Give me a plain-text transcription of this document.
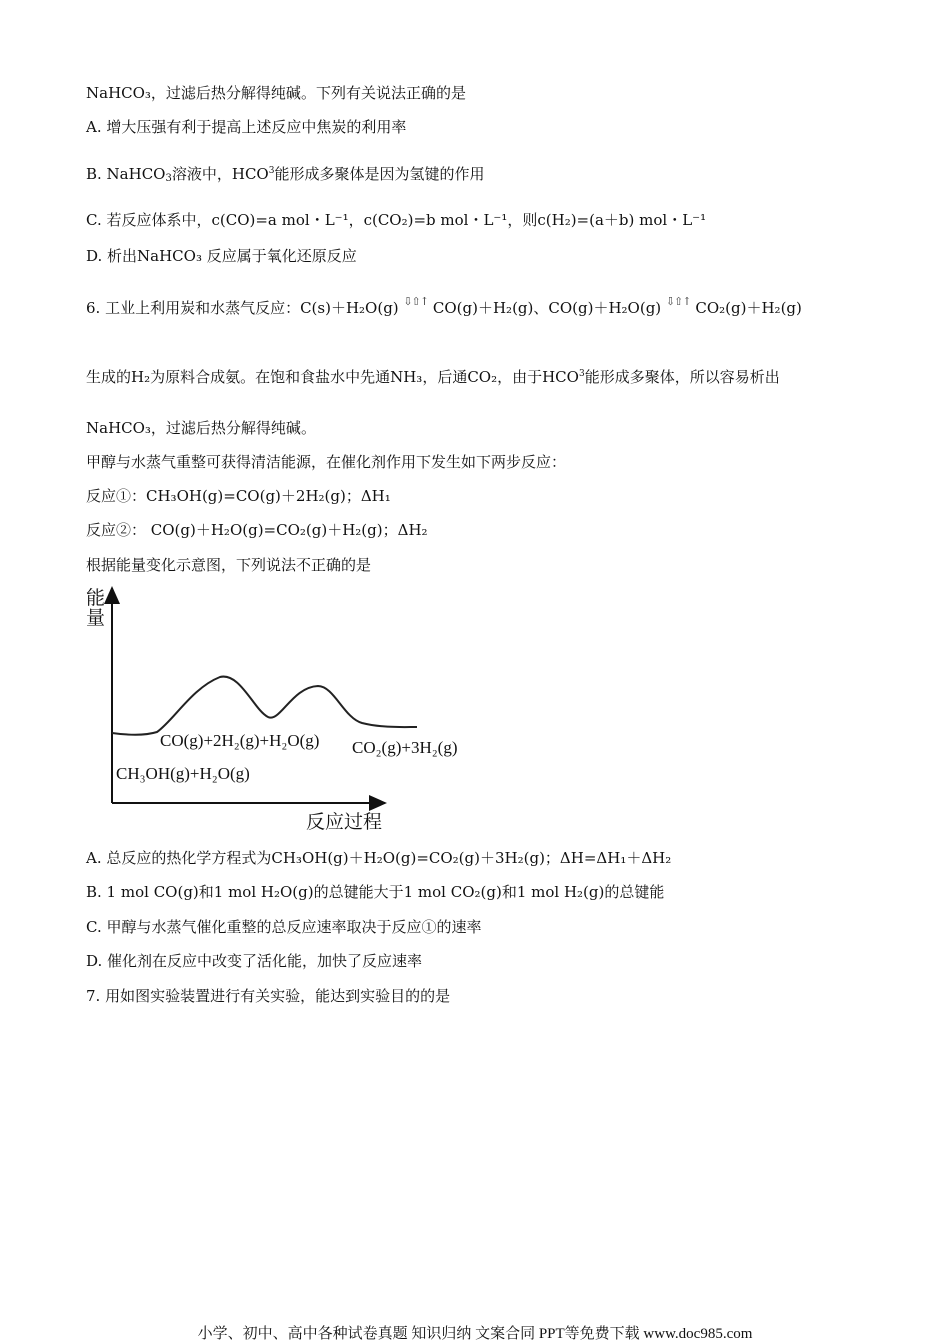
NaHCO₃，过滤后热分解得纯碱。下列有关说法正确的是
A. 增大压强有利于提高上述反应中焦炭的利用率
B. NaHCO$_3$溶液中，HCO$^3$能形成多聚体是因为氢键的作用
C. 若反应体系中，c(CO)=a mol・L⁻¹，c(CO₂)=b mol・L⁻¹，则c(H₂)=(a＋b) mol・L⁻¹
D. 析出NaHCO₃ 反应属于氧化还原反应
6. 工业上利用炭和水蒸气反应：C(s)＋H₂O(g) ⇩⇧↑ CO(g)＋H₂(g)、CO(g)＋H₂O(g) ⇩⇧↑ CO₂(g)＋H₂(g)
生成的H₂为原料合成氨。在饱和食盐水中先通NH₃，后通CO₂，由于HCO$^3$能形成多聚体，所以容易析出
NaHCO₃，过滤后热分解得纯碱。
甲醇与水蒸气重整可获得清洁能源，在催化剂作用下发生如下两步反应：
反应①：CH₃OH(g)=CO(g)＋2H₂(g)；ΔH₁
反应②： CO(g)＋H₂O(g)=CO₂(g)＋H₂(g)；ΔH₂
根据能量变化示意图，下列说法不正确的是
能
量
CO(g)+2H₂(g)+H₂O(g) CO₂(g)+3H₂(g)
CH₃OH(g)+H₂O(g)
反应过程
A. 总反应的热化学方程式为CH₃OH(g)＋H₂O(g)=CO₂(g)＋3H₂(g)；ΔH=ΔH₁＋ΔH₂
B. 1 mol CO(g)和1 mol H₂O(g)的总键能大于1 mol CO₂(g)和1 mol H₂(g)的总键能
C. 甲醇与水蒸气催化重整的总反应速率取决于反应①的速率
D. 催化剂在反应中改变了活化能，加快了反应速率
7. 用如图实验装置进行有关实验，能达到实验目的的是
小学、初中、高中各种试卷真题 知识归纳 文案合同 PPT等免费下载 www.doc985.com
